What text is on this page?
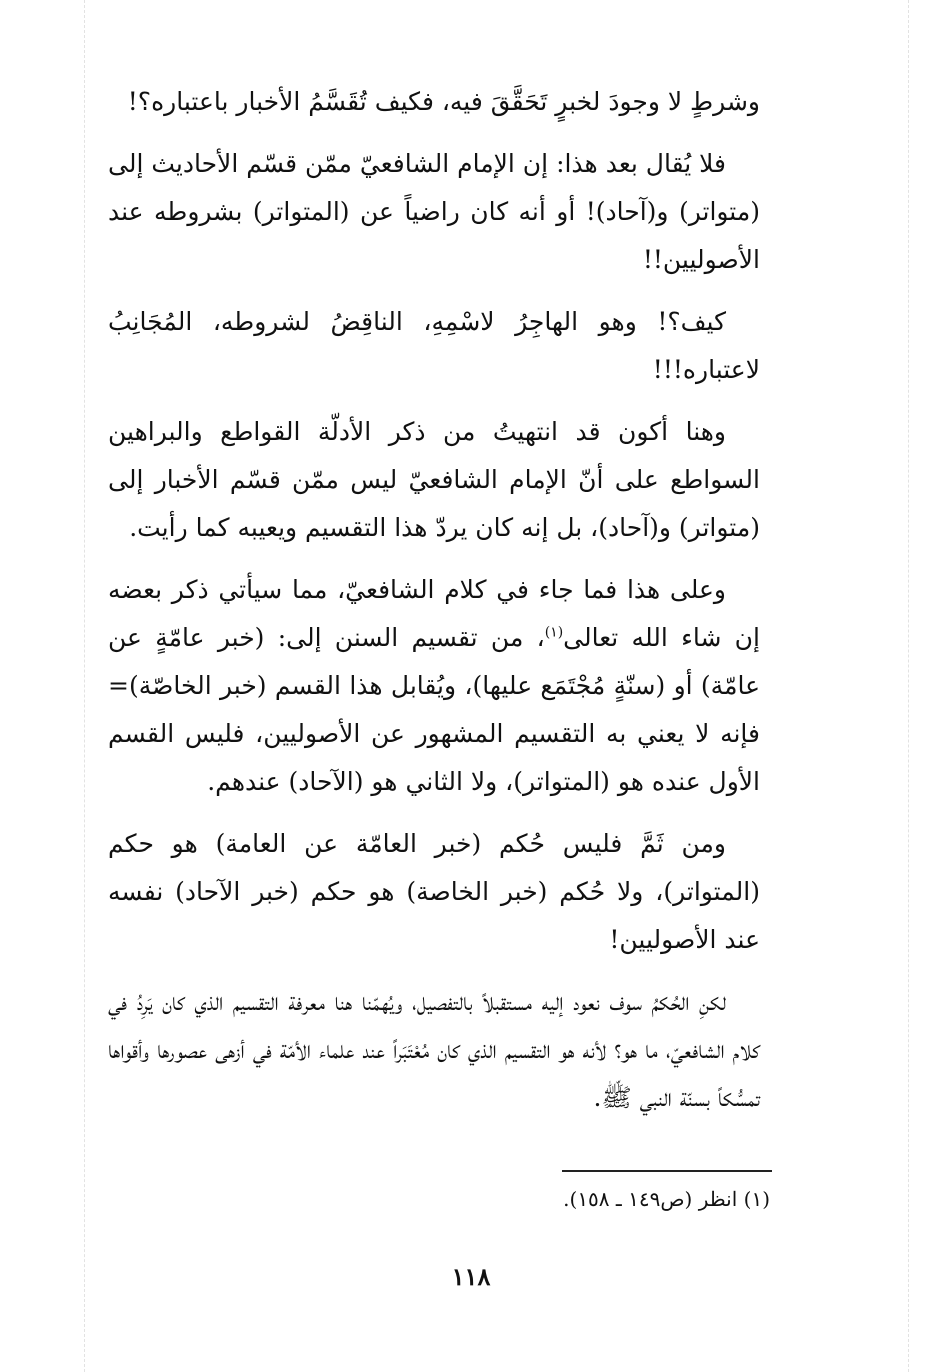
وشرطٍ لا وجودَ لخبرٍ تَحَقَّقَ فيه، فكيف تُقَسَّمُ الأخبار باعتباره؟!

فلا يُقال بعد هذا: إن الإمام الشافعيّ ممّن قسّم الأحاديث إلى (متواتر) و(آحاد)! أو أنه كان راضياً عن (المتواتر) بشروطه عند الأصوليين!!

كيف؟! وهو الهاجِرُ لاسْمِهِ، الناقِضُ لشروطه، المُجَانِبُ لاعتباره!!!

وهنا أكون قد انتهيتُ من ذكر الأدلّة القواطع والبراهين السواطع على أنّ الإمام الشافعيّ ليس ممّن قسّم الأخبار إلى (متواتر) و(آحاد)، بل إنه كان يردّ هذا التقسيم ويعيبه كما رأيت.

وعلى هذا فما جاء في كلام الشافعيّ، مما سيأتي ذكر بعضه إن شاء الله تعالى$^{(١)}$، من تقسيم السنن إلى: (خبر عامّةٍ عن عامّة) أو (سنّةٍ مُجْتَمَع عليها)، ويُقابل هذا القسم (خبر الخاصّة)= فإنه لا يعني به التقسيم المشهور عن الأصوليين، فليس القسم الأول عنده هو (المتواتر)، ولا الثاني هو (الآحاد) عندهم.

ومن ثَمَّ فليس حُكم (خبر العامّة عن العامة) هو حكم (المتواتر)، ولا حُكم (خبر الخاصة) هو حكم (خبر الآحاد) نفسه عند الأصوليين!

لكنِ الحُكمُ سوف نعود إليه مستقبلاً بالتفصيل، ويُهمّنا هنا معرفة التقسيم الذي كان يَرِدُ في كلام الشافعيّ، ما هو؟ لأنه هو التقسيم الذي كان مُعْتَبَراً عند علماء الأمّة في أزهى عصورها وأقواها تمسُّكاً بسنّة النبي ﷺ.

(١) انظر (ص١٤٩ ـ ١٥٨).
١١٨
